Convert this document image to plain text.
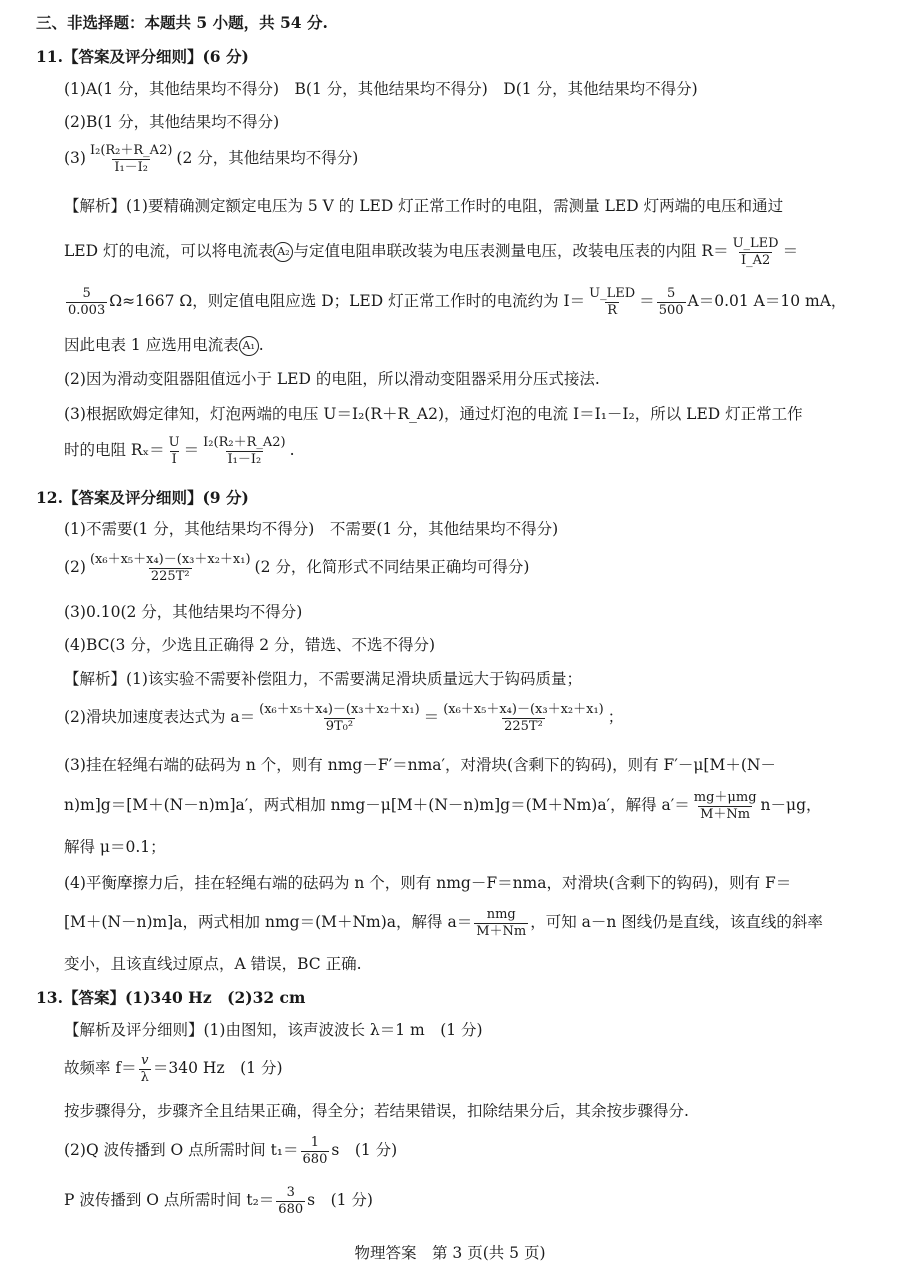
三、非选择题：本题共 5 小题，共 54 分.
11.【答案及评分细则】(6 分)
(1)A(1 分，其他结果均不得分)　B(1 分，其他结果均不得分)　D(1 分，其他结果均不得分)
(2)B(1 分，其他结果均不得分)
$(3) \frac{\text{I₂(R₂＋R\_A2)}}{\text{I₁－I₂}} (2$ 分，其他结果均不得分)
【解析】(1)要精确测定额定电压为 5 V 的 LED 灯正常工作时的电阻，需测量 LED 灯两端的电压和通过
LED 灯的电流，可以将电流表 A₂ 与定值电阻串联改装为电压表测量电压，改装电压表的内阻 $R= \frac{\text{U\_LED}}{I\_A2}$ ＝
$\frac{5}{0.003} \Omega\approx 1667$ Ω，则定值电阻应选 D；LED 灯正常工作时的电流约为 $I= \frac{\text{U\_LED}}{R} = \frac{5}{500} A=0.01$ A＝10 mA，
因此电表 1 应选用电流表 A₁ .
(2)因为滑动变阻器阻值远小于 LED 的电阻，所以滑动变阻器采用分压式接法.
(3)根据欧姆定律知，灯泡两端的电压 U＝I₂(R＋R_A2)，通过灯泡的电流 I＝I₁－I₂，所以 LED 灯正常工作
时的电阻 $R_x= \frac{U}{I} = \frac{\text{I₂(R₂＋R\_A2)}}{\text{I₁－I₂}}$ .
12.【答案及评分细则】(9 分)
(1)不需要(1 分，其他结果均不得分)　不需要(1 分，其他结果均不得分)
$(2) \frac{\text{(x₆＋x₅＋x₄)－(x₃＋x₂＋x₁)}}{\text{225T²}} (2$ 分，化简形式不同结果正确均可得分)
(3)0.10(2 分，其他结果均不得分)
(4)BC(3 分，少选且正确得 2 分，错选、不选不得分)
【解析】(1)该实验不需要补偿阻力，不需要满足滑块质量远大于钩码质量；
(2)滑块加速度表达式为 $a= \frac{\text{(x₆＋x₅＋x₄)－(x₃＋x₂＋x₁)}}{\text{9T₀²}} = \frac{\text{(x₆＋x₅＋x₄)－(x₃＋x₂＋x₁)}}{\text{225T²}}$ ；
(3)挂在轻绳右端的砝码为 n 个，则有 nmg－F′＝nma′，对滑块(含剩下的钩码)，则有 F′－μ[M＋(N－
n)m]g＝[M＋(N－n)m]a′，两式相加 nmg－μ[M＋(N－n)m]g＝(M＋Nm)a′，解得 $a'= \frac{\text{mg＋μmg}}{M+Nm} n-\mu g$，
解得 μ＝0.1；
(4)平衡摩擦力后，挂在轻绳右端的砝码为 n 个，则有 nmg－F＝nma，对滑块(含剩下的钩码)，则有 F＝
[M＋(N－n)m]a，两式相加 nmg＝(M＋Nm)a，解得 $a= \frac{\text{nmg}}{M+Nm}$ ，可知 a－n 图线仍是直线，该直线的斜率
变小，且该直线过原点，A 错误，BC 正确.
13.【答案】(1)340 Hz　(2)32 cm
【解析及评分细则】(1)由图知，该声波波长 λ＝1 m　(1 分)
故频率 $f= \frac{v}{\lambda} =340$ Hz　(1 分)
按步骤得分，步骤齐全且结果正确，得全分；若结果错误，扣除结果分后，其余按步骤得分.
(2)Q 波传播到 O 点所需时间 $t_1= \frac{1}{680}$ s　(1 分)
P 波传播到 O 点所需时间 $t_2= \frac{3}{680}$ s　(1 分)
物理答案　第 3 页(共 5 页)
